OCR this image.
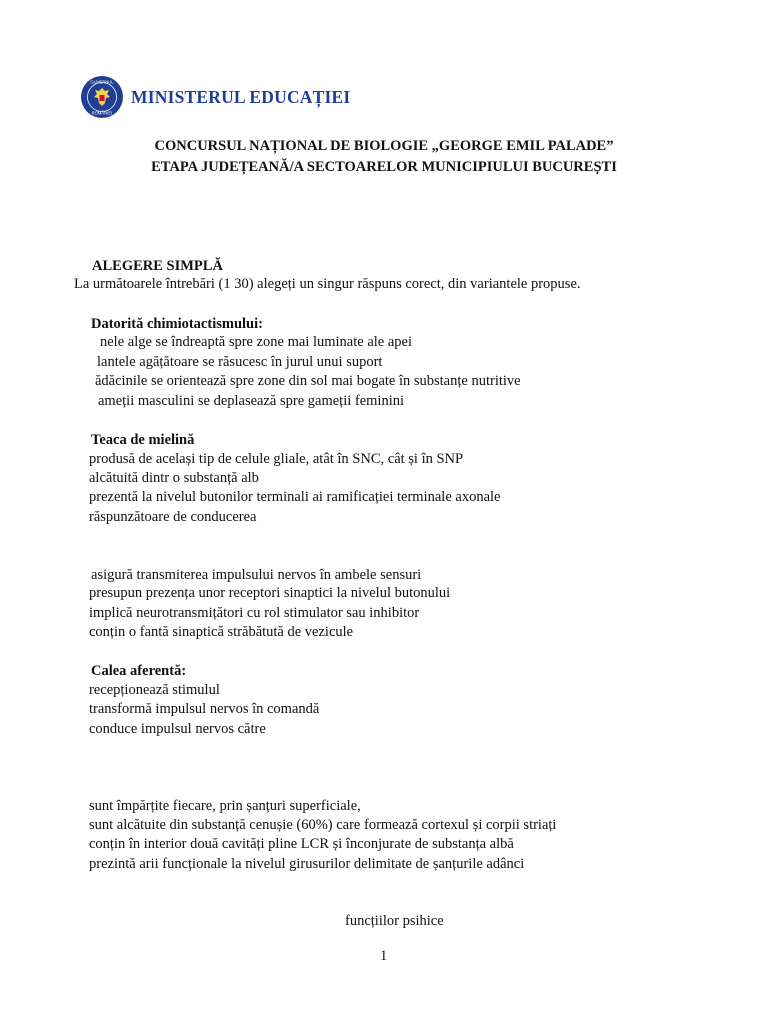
GUVERNUL
ROMÂNIEI
MINISTERUL EDUCAȚIEI
CONCURSUL NAȚIONAL DE BIOLOGIE „GEORGE EMIL PALADE”
ETAPA JUDEȚEANĂ/A SECTOARELOR MUNICIPIULUI BUCUREȘTI
ALEGERE SIMPLĂ
La următoarele întrebări (1 30) alegeți un singur răspuns corect, din variantele propuse.
Datorită chimiotactismului:
nele alge se îndreaptă spre zone mai luminate ale apei
lantele agățătoare se răsucesc în jurul unui suport
ădăcinile se orientează spre zone din sol mai bogate în substanțe nutritive
ameții masculini se deplasează spre gameții feminini
Teaca de mielină
produsă de același tip de celule gliale, atât în SNC, cât și în SNP
alcătuită dintr o substanță alb
prezentă la nivelul butonilor terminali ai ramificației terminale axonale
răspunzătoare de conducerea
asigură transmiterea impulsului nervos în ambele sensuri
presupun prezența unor receptori sinaptici la nivelul butonului
implică neurotransmițători cu rol stimulator sau inhibitor
conțin o fantă sinaptică străbătută de vezicule
Calea aferentă:
recepționează stimulul
transformă impulsul nervos în comandă
conduce impulsul nervos către
sunt împărțite fiecare, prin șanțuri superficiale,
sunt alcătuite din substanță cenușie (60%) care formează cortexul și corpii striați
conțin în interior două cavități pline LCR și înconjurate de substanța albă
prezintă arii funcționale la nivelul girusurilor delimitate de șanțurile adânci
funcțiilor psihice
1
